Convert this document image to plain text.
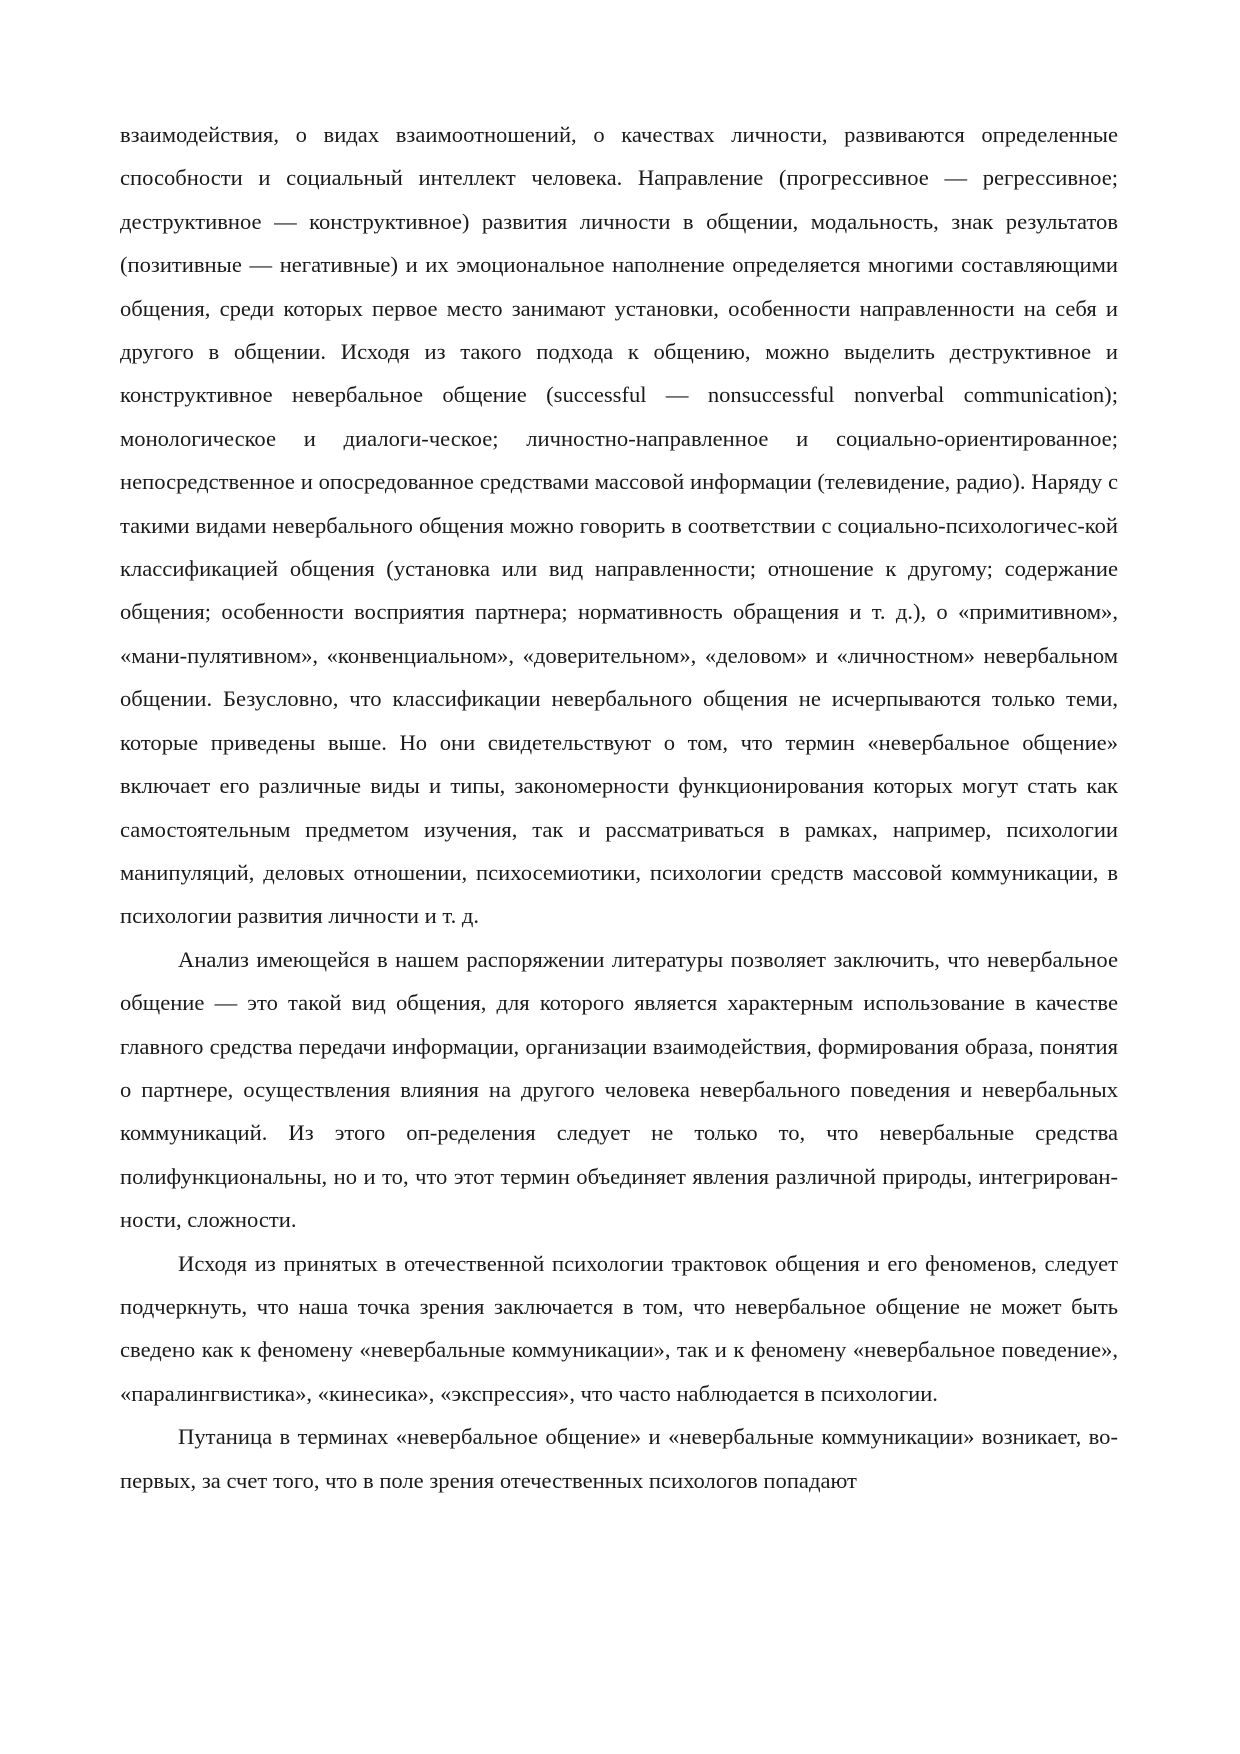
взаимодействия, о видах взаимоотношений, о качествах личности, развиваются определенные способности и социальный интеллект человека. Направление (прогрессивное — регрессивное; деструктивное — конструктивное) развития личности в общении, модальность, знак результатов (позитивные — негативные) и их эмоциональное наполнение определяется многими составляющими общения, среди которых первое место занимают установки, особенности направленности на себя и другого в общении. Исходя из такого подхода к общению, можно выделить деструктивное и конструктивное невербальное общение (successful — nonsuccessful nonverbal communication); монологическое и диалоги-ческое; личностно-направленное и социально-ориентированное; непосредственное и опосредованное средствами массовой информации (телевидение, радио). Наряду с такими видами невербального общения можно говорить в соответствии с социально-психологичес-кой классификацией общения (установка или вид направленности; отношение к другому; содержание общения; особенности восприятия партнера; нормативность обращения и т. д.), о «примитивном», «мани-пулятивном», «конвенциальном», «доверительном», «деловом» и «личностном» невербальном общении. Безусловно, что классификации невербального общения не исчерпываются только теми, которые приведены выше. Но они свидетельствуют о том, что термин «невербальное общение» включает его различные виды и типы, закономерности функционирования которых могут стать как самостоятельным предметом изучения, так и рассматриваться в рамках, например, психологии манипуляций, деловых отношении, психосемиотики, психологии средств массовой коммуникации, в психологии развития личности и т. д.

Анализ имеющейся в нашем распоряжении литературы позволяет заключить, что невербальное общение — это такой вид общения, для которого является характерным использование в качестве главного средства передачи информации, организации взаимодействия, формирования образа, понятия о партнере, осуществления влияния на другого человека невербального поведения и невербальных коммуникаций. Из этого оп-ределения следует не только то, что невербальные средства полифункциональны, но и то, что этот термин объединяет явления различной природы, интегрирован-ности, сложности.

Исходя из принятых в отечественной психологии трактовок общения и его феноменов, следует подчеркнуть, что наша точка зрения заключается в том, что невербальное общение не может быть сведено как к феномену «невербальные коммуникации», так и к феномену «невербальное поведение», «паралингвистика», «кинесика», «экспрессия», что часто наблюдается в психологии.

Путаница в терминах «невербальное общение» и «невербальные коммуникации» возникает, во-первых, за счет того, что в поле зрения отечественных психологов попадают
